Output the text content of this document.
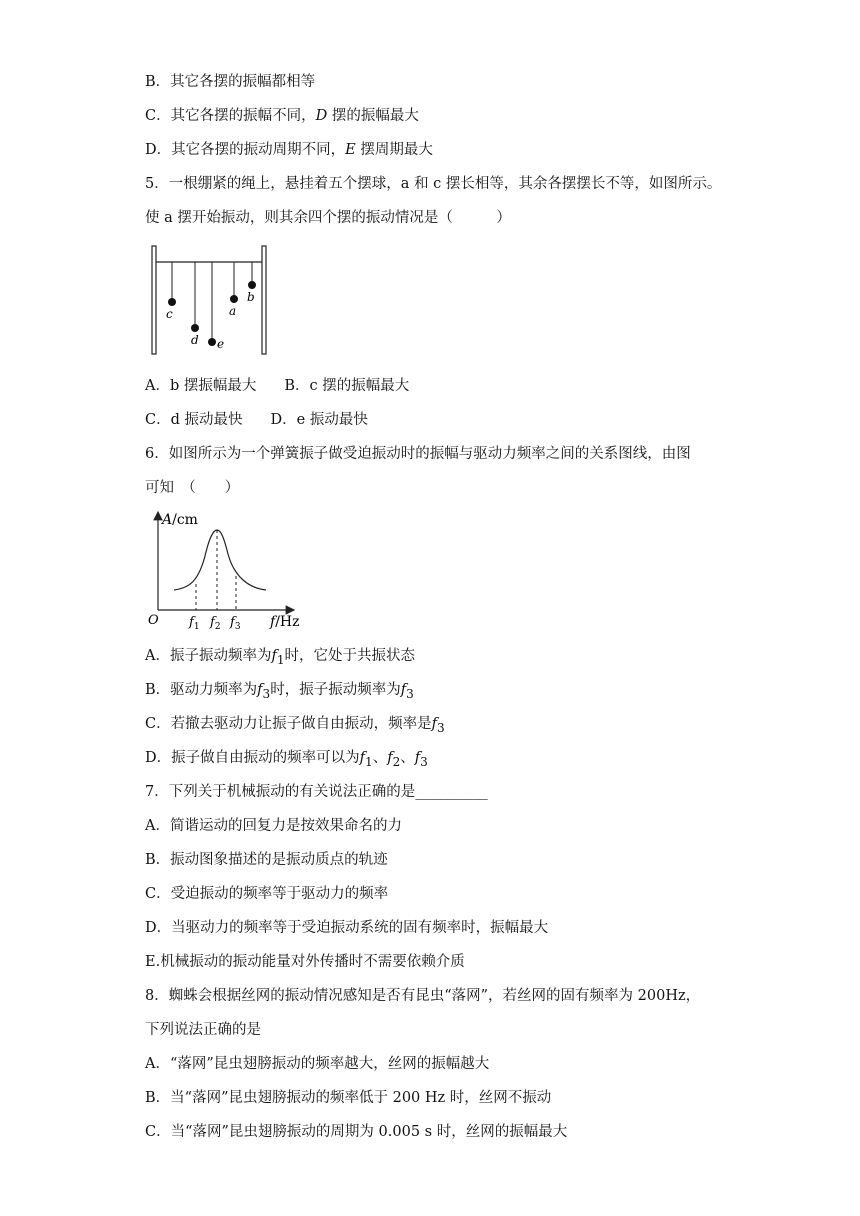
B．其它各摆的振幅都相等
C．其它各摆的振幅不同，D 摆的振幅最大
D．其它各摆的振动周期不同，E 摆周期最大
5．一根绷紧的绳上，悬挂着五个摆球，a 和 c 摆长相等，其余各摆摆长不等，如图所示。
使 a 摆开始振动，则其余四个摆的振动情况是（　　　）
c
d e
a
b
A．b 摆振幅最大 B．c 摆的振幅最大
C．d 振动最快 D．e 振动最快
6．如图所示为一个弹簧振子做受迫振动时的振幅与驱动力频率之间的关系图线，由图
可知　（　　）
A/cm
O $f_1$ $f_2$ $f_3$ f/Hz
A．振子振动频率为$f_1$时，它处于共振状态
B．驱动力频率为$f_3$时，振子振动频率为$f_3$
C．若撤去驱动力让振子做自由振动，频率是$f_3$
D．振子做自由振动的频率可以为$f_1$、$f_2$、$f_3$
7．下列关于机械振动的有关说法正确的是__________
A．简谐运动的回复力是按效果命名的力
B．振动图象描述的是振动质点的轨迹
C．受迫振动的频率等于驱动力的频率
D．当驱动力的频率等于受迫振动系统的固有频率时，振幅最大
E.机械振动的振动能量对外传播时不需要依赖介质
8．蜘蛛会根据丝网的振动情况感知是否有昆虫“落网”，若丝网的固有频率为 200Hz，
下列说法正确的是
A．“落网”昆虫翅膀振动的频率越大，丝网的振幅越大
B．当“落网”昆虫翅膀振动的频率低于 200 Hz 时，丝网不振动
C．当“落网”昆虫翅膀振动的周期为 0.005 s 时，丝网的振幅最大
